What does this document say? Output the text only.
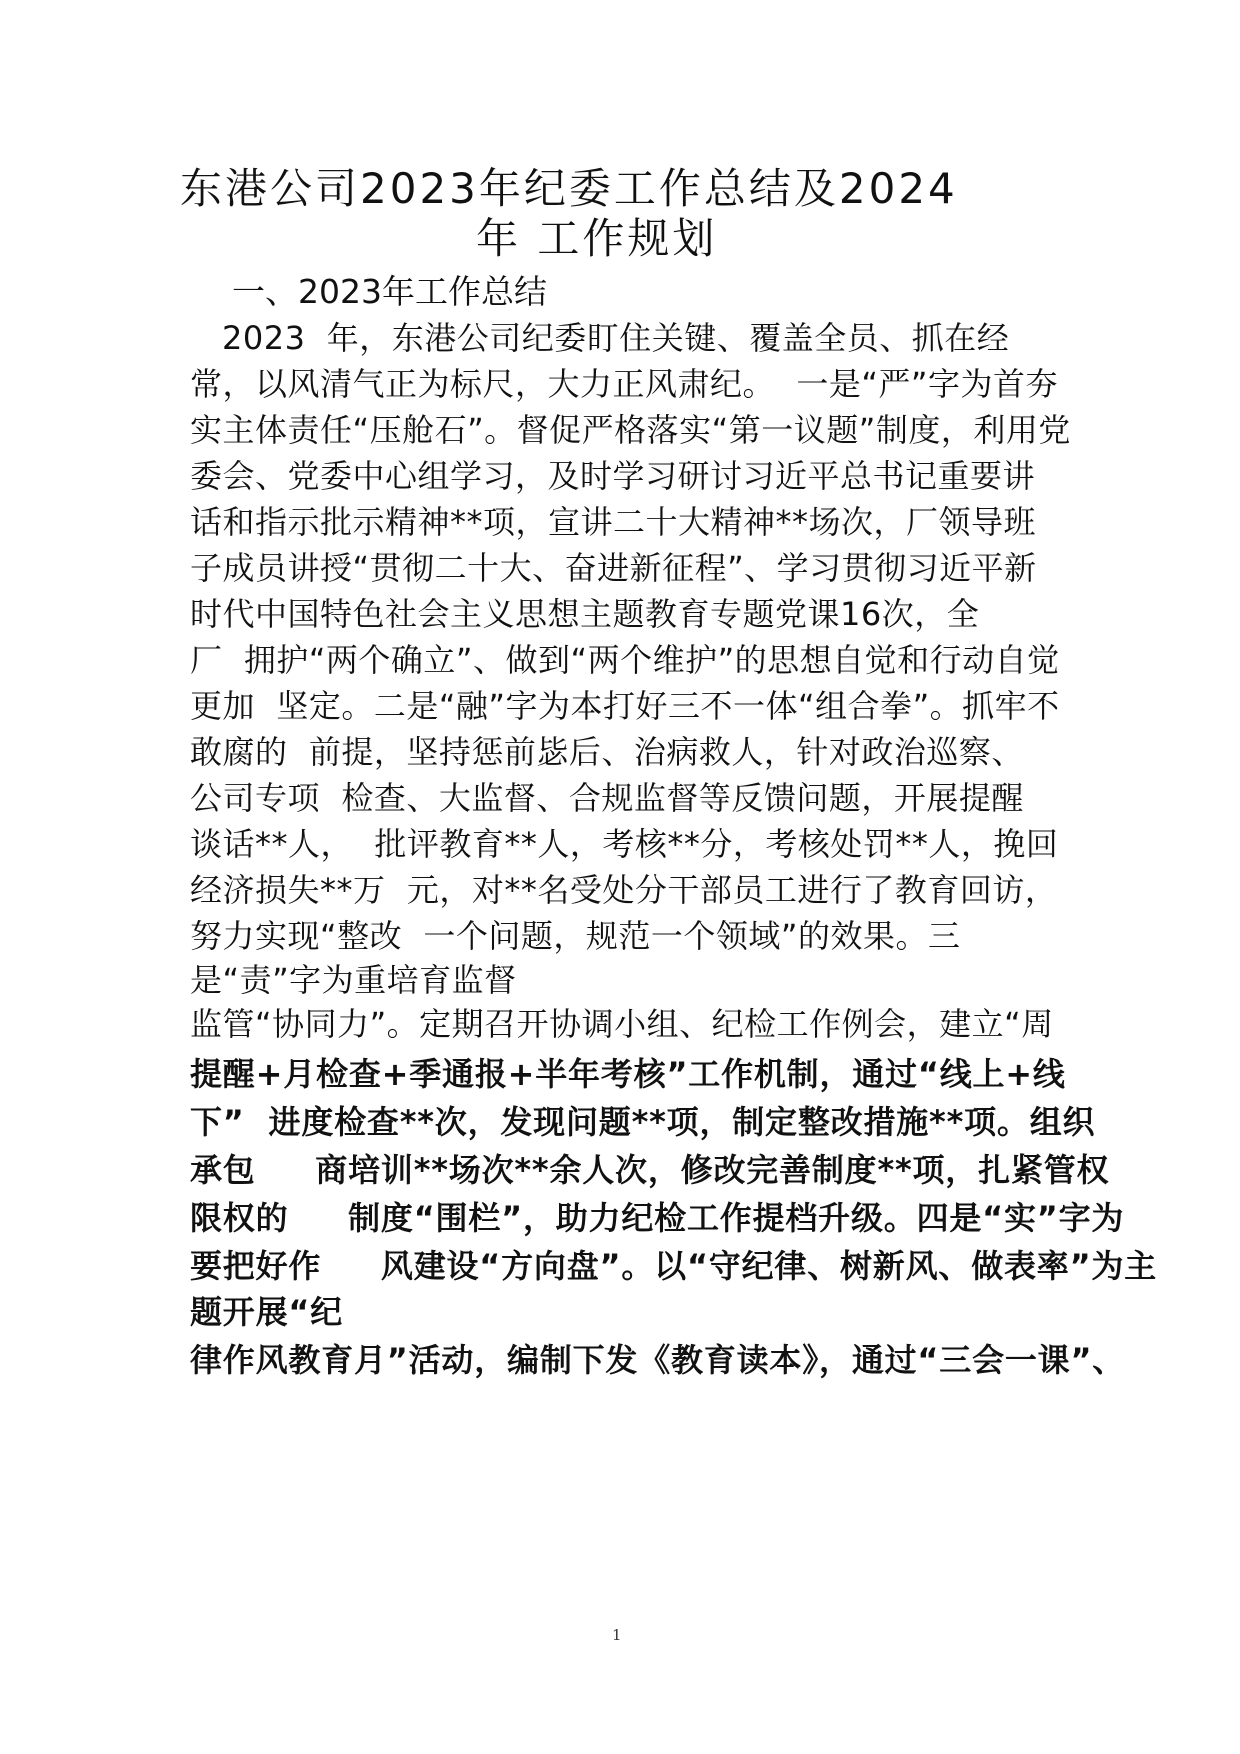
东港公司2023年纪委工作总结及2024
年 工作规划
一、2023年工作总结
2023  年，东港公司纪委盯住关键、覆盖全员、抓在经
常，以风清气正为标尺，大力正风肃纪。  一是“严”字为首夯
实主体责任“压舱石”。督促严格落实“第一议题”制度，利用党
委会、党委中心组学习，及时学习研讨习近平总书记重要讲
话和指示批示精神**项，宣讲二十大精神**场次，厂领导班
子成员讲授“贯彻二十大、奋进新征程”、学习贯彻习近平新
时代中国特色社会主义思想主题教育专题党课16次，全
厂  拥护“两个确立”、做到“两个维护”的思想自觉和行动自觉
更加  坚定。二是“融”字为本打好三不一体“组合拳”。抓牢不
敢腐的  前提，坚持惩前毖后、治病救人，针对政治巡察、
公司专项  检查、大监督、合规监督等反馈问题，开展提醒
谈话**人，  批评教育**人，考核**分，考核处罚**人，挽回
经济损失**万  元，对**名受处分干部员工进行了教育回访，
努力实现“整改  一个问题，规范一个领域”的效果。三
是“责”字为重培育监督
监管“协同力”。定期召开协调小组、纪检工作例会，建立“周
提醒+月检查+季通报+半年考核”工作机制，通过“线上+线
下”  进度检查**次，发现问题**项，制定整改措施**项。组织
承包     商培训**场次**余人次，修改完善制度**项，扎紧管权
限权的     制度“围栏”，助力纪检工作提档升级。四是“实”字为
要把好作     风建设“方向盘”。以“守纪律、树新风、做表率”为主
题开展“纪
律作风教育月”活动，编制下发《教育读本》，通过“三会一课”、
1
